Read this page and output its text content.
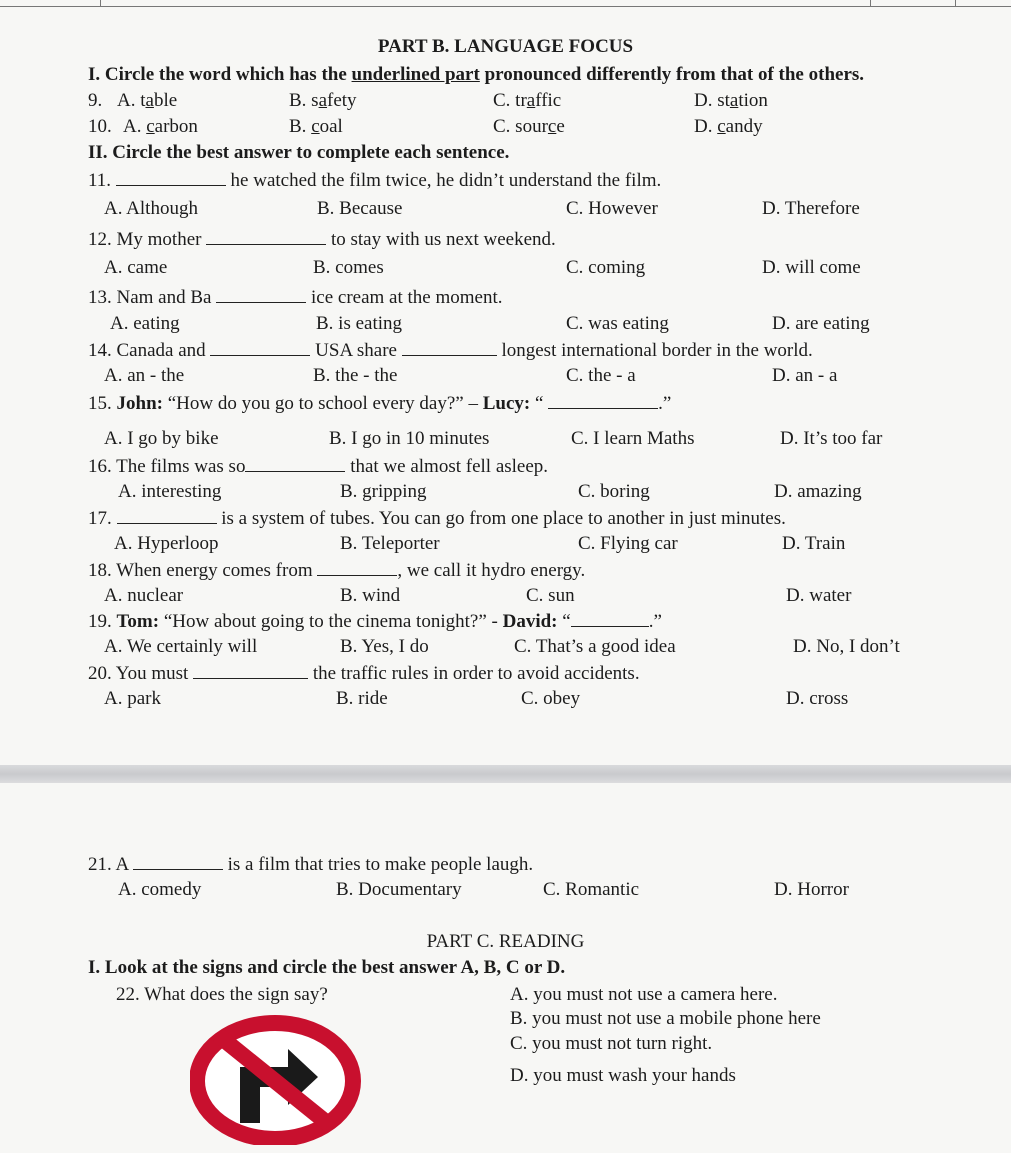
PART B. LANGUAGE FOCUS
I. Circle the word which has the underlined part pronounced differently from that of the others.
9. A. table	B. safety	C. traffic	D. station
10. A. carbon	B. coal	C. source	D. candy
II. Circle the best answer to complete each sentence.
11.	he watched the film twice, he didn’t understand the film.
A. Although	B. Because	C. However	D. Therefore
12. My mother	to stay with us next weekend.
A. came	B. comes	C. coming	D. will come
13. Nam and Ba	ice cream at the moment.
A. eating	B. is eating	C. was eating	D. are eating
14. Canada and	USA share	longest international border in the world.
A. an - the	B. the - the	C. the - a	D. an - a
15. John: “How do you go to school every day?” – Lucy: “	.”
A. I go by bike	B. I go in 10 minutes	C. I learn Maths	D. It’s too far
16. The films was so	that we almost fell asleep.
A. interesting	B. gripping	C. boring	D. amazing
17.	is a system of tubes. You can go from one place to another in just minutes.
A. Hyperloop	B. Teleporter	C. Flying car	D. Train
18. When energy comes from	, we call it hydro energy.
A. nuclear	B. wind	C. sun	D. water
19. Tom: “How about going to the cinema tonight?” - David: “	.”
A. We certainly will	B. Yes, I do	C. That’s a good idea	D. No, I don’t
20. You must	the traffic rules in order to avoid accidents.
A. park	B. ride	C. obey	D. cross
21. A	is a film that tries to make people laugh.
A. comedy	B. Documentary	C. Romantic	D. Horror
PART C. READING
I. Look at the signs and circle the best answer A, B, C or D.
22. What does the sign say?	A. you must not use a camera here.
B. you must not use a mobile phone here
C. you must not turn right.
D. you must wash your hands
